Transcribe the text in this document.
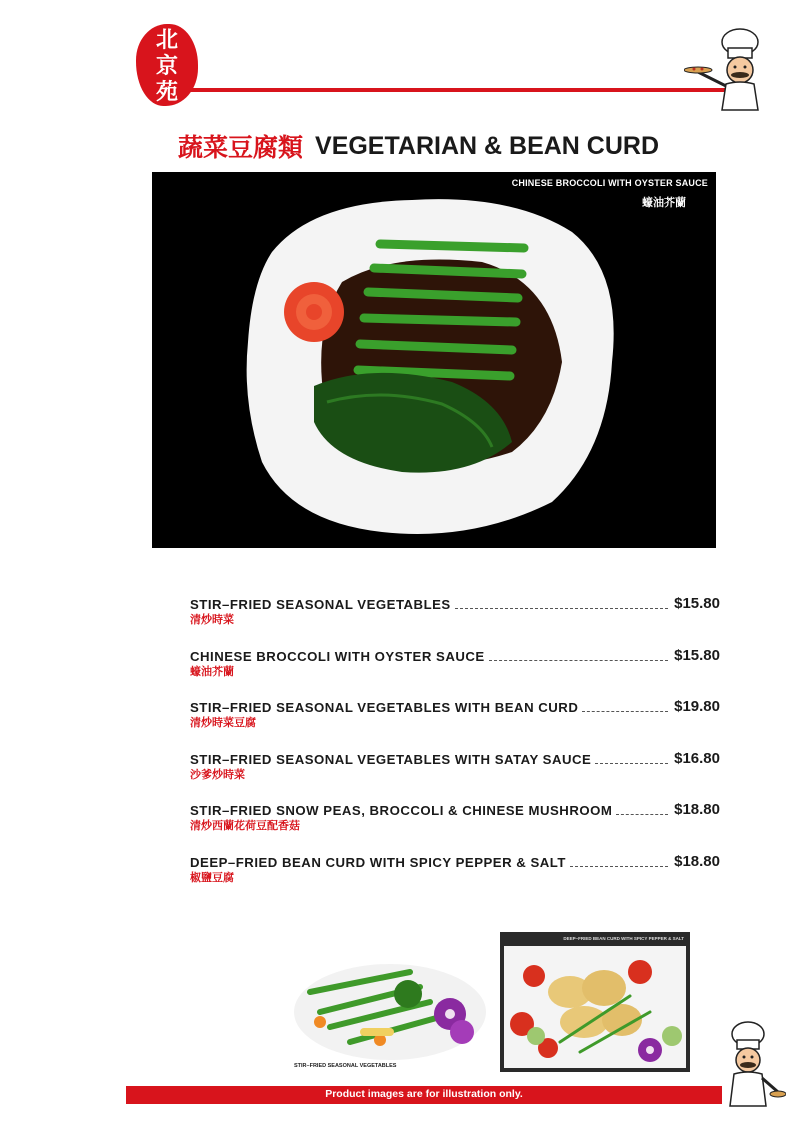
北
京
苑
蔬菜豆腐類 VEGETARIAN & BEAN CURD
CHINESE BROCCOLI WITH OYSTER SAUCE
蠔油芥蘭
STIR–FRIED SEASONAL VEGETABLES	$15.80
清炒時菜
CHINESE BROCCOLI WITH OYSTER SAUCE	$15.80
蠔油芥蘭
STIR–FRIED SEASONAL VEGETABLES WITH BEAN CURD	$19.80
清炒時菜豆腐
STIR–FRIED SEASONAL VEGETABLES WITH SATAY SAUCE	$16.80
沙爹炒時菜
STIR–FRIED SNOW PEAS, BROCCOLI & CHINESE MUSHROOM	$18.80
清炒西蘭花荷豆配香菇
DEEP–FRIED BEAN CURD WITH SPICY PEPPER & SALT	$18.80
椒鹽豆腐
STIR–FRIED SEASONAL VEGETABLES
DEEP–FRIED BEAN CURD WITH SPICY PEPPER & SALT
Product images are for illustration only.
